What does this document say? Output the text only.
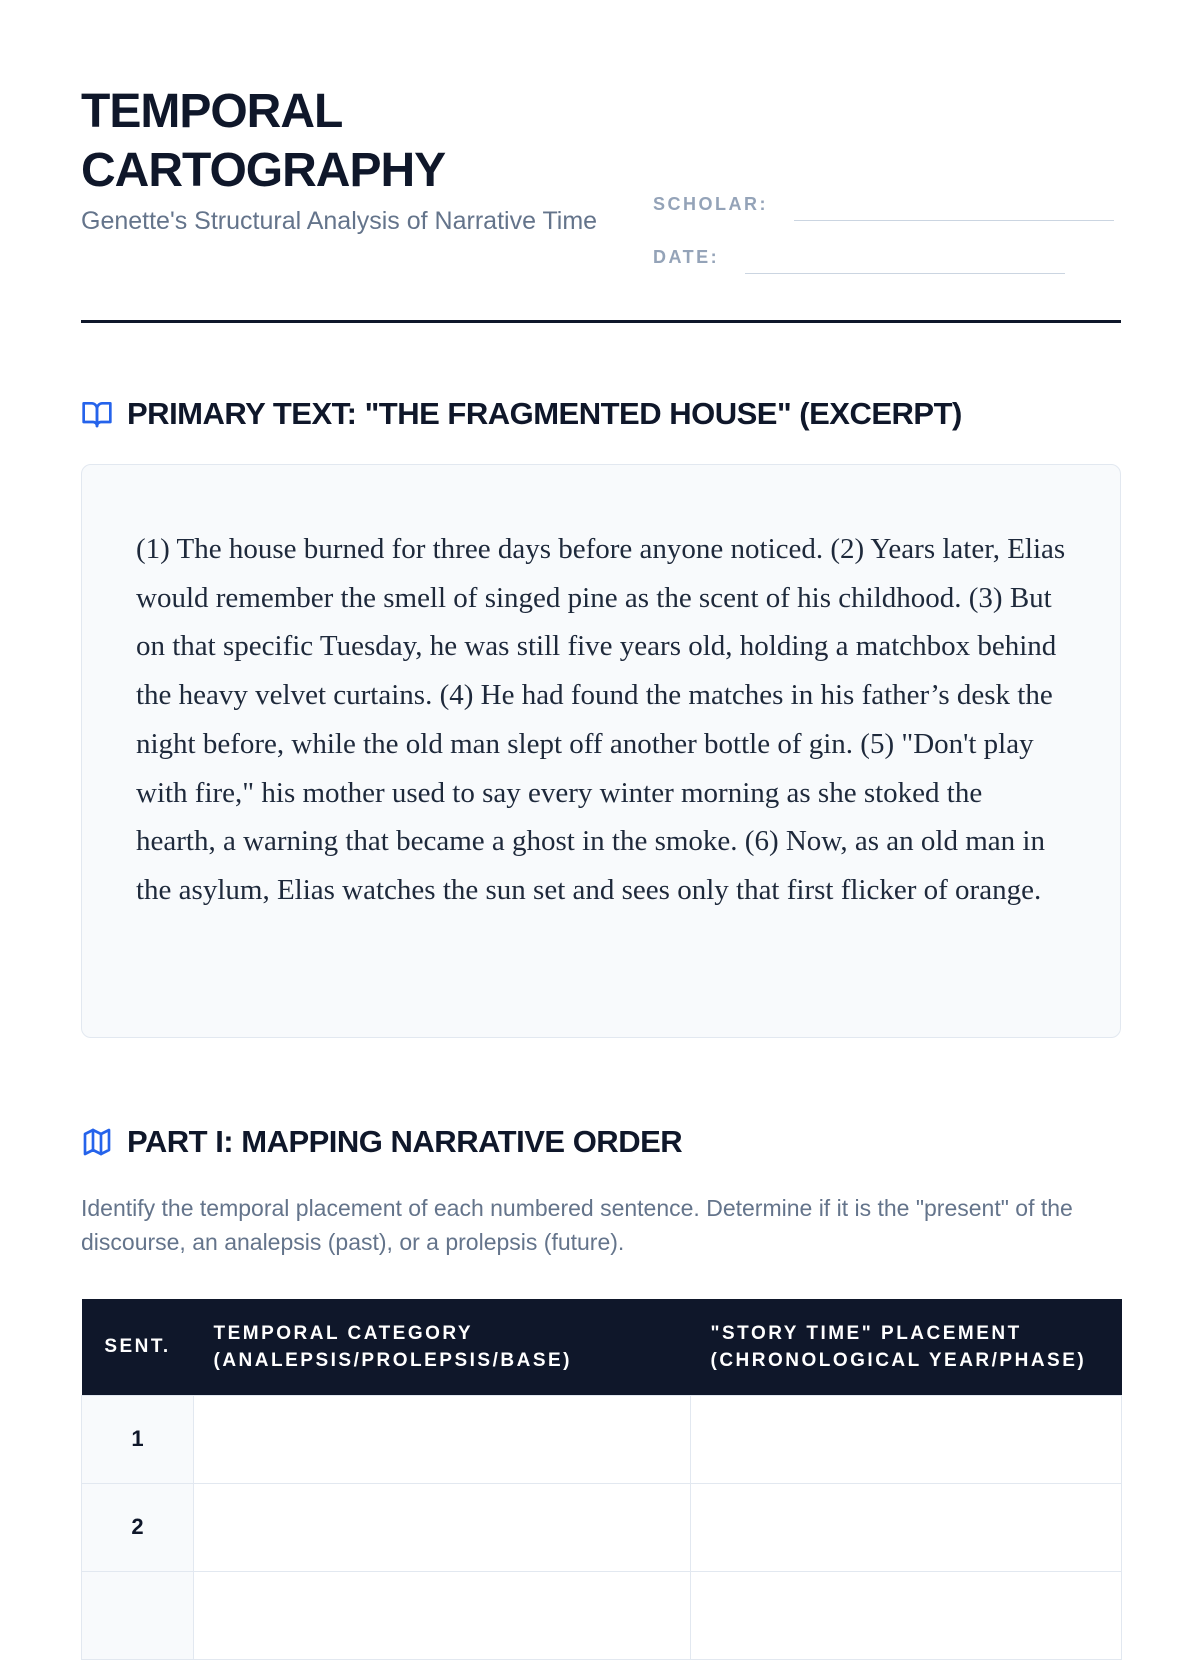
TEMPORAL CARTOGRAPHY

Genette's Structural Analysis of Narrative Time

SCHOLAR:
DATE:
PRIMARY TEXT: "THE FRAGMENTED HOUSE" (EXCERPT)

(1) The house burned for three days before anyone noticed. (2) Years later, Elias would remember the smell of singed pine as the scent of his childhood. (3) But on that specific Tuesday, he was still five years old, holding a matchbox behind the heavy velvet curtains. (4) He had found the matches in his father’s desk the night before, while the old man slept off another bottle of gin. (5) "Don't play with fire," his mother used to say every winter morning as she stoked the hearth, a warning that became a ghost in the smoke. (6) Now, as an old man in the asylum, Elias watches the sun set and sees only that first flicker of orange.

PART I: MAPPING NARRATIVE ORDER

Identify the temporal placement of each numbered sentence. Determine if it is the "present" of the discourse, an analepsis (past), or a prolepsis (future).

SENT.	TEMPORAL CATEGORY (ANALEPSIS/PROLEPSIS/BASE)	"STORY TIME" PLACEMENT (CHRONOLOGICAL YEAR/PHASE)
1		
2		
